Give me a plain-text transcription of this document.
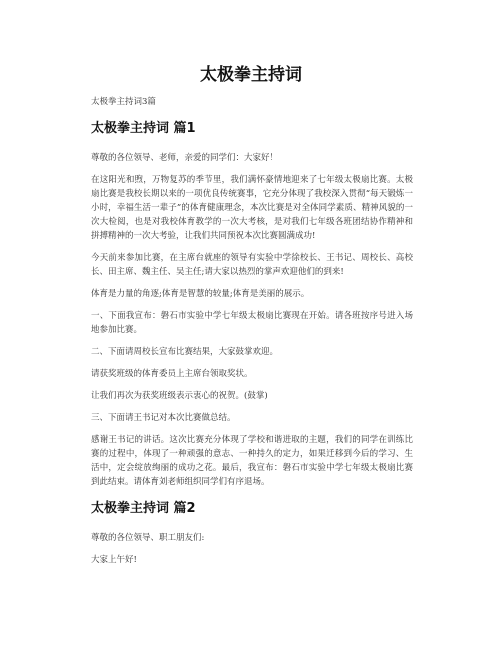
太极拳主持词

太极拳主持词3篇

太极拳主持词 篇1

尊敬的各位领导、老师，亲爱的同学们：大家好！

在这阳光和煦，万物复苏的季节里，我们满怀豪情地迎来了七年级太极扇比赛。太极扇比赛是我校长期以来的一项优良传统赛事，它充分体现了我校深入贯彻“每天锻炼一小时，幸福生活一辈子”的体育健康理念，本次比赛是对全体同学素质、精神风貌的一次大检阅，也是对我校体育教学的一次大考核，是对我们七年级各班团结协作精神和拼搏精神的一次大考验，让我们共同预祝本次比赛圆满成功!

今天前来参加比赛，在主席台就座的领导有实验中学徐校长、王书记、周校长、高校长、田主席、魏主任、吴主任;请大家以热烈的掌声欢迎他们的到来!

体育是力量的角逐;体育是智慧的较量;体育是美丽的展示。

一、下面我宣布：磐石市实验中学七年级太极扇比赛现在开始。请各班按序号进入场地参加比赛。

二、下面请周校长宣布比赛结果，大家鼓掌欢迎。

请获奖班级的体育委员上主席台领取奖状。

让我们再次为获奖班级表示衷心的祝贺。(鼓掌)

三、下面请王书记对本次比赛做总结。

感谢王书记的讲话。这次比赛充分体现了学校和谐进取的主题，我们的同学在训练比赛的过程中，体现了一种顽强的意志、一种持久的定力，如果迁移到今后的学习、生活中，定会绽放绚丽的成功之花。最后，我宣布：磐石市实验中学七年级太极扇比赛到此结束。请体育刘老师组织同学们有序退场。

太极拳主持词 篇2

尊敬的各位领导、职工朋友们:

大家上午好!
